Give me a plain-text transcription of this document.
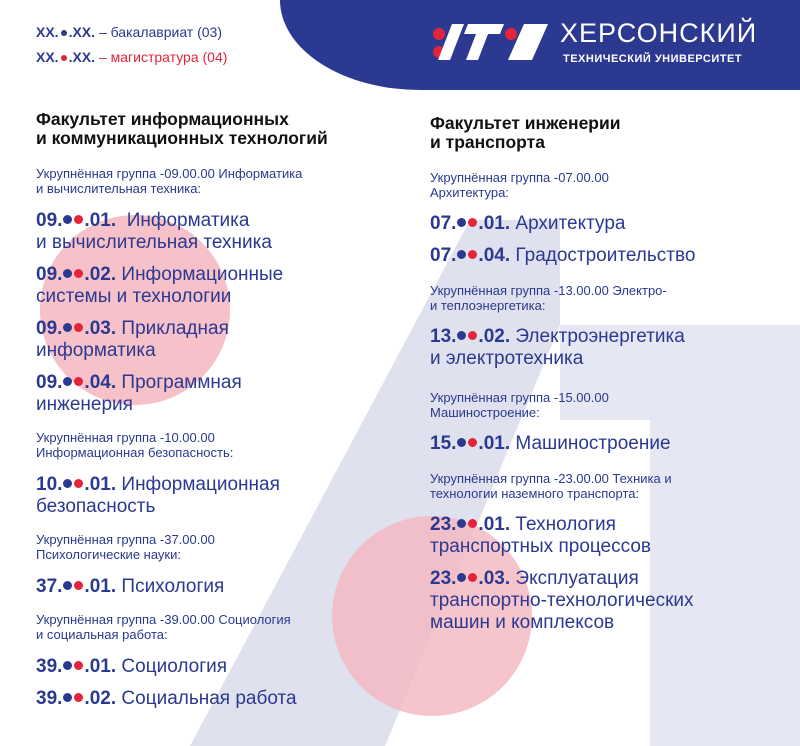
ХЕРСОНСКИЙ
ТЕХНИЧЕСКИЙ УНИВЕРСИТЕТ
ХХ. .ХХ. – бакалавриат (03)
ХХ. .ХХ. – магистратура (04)
Факультет информационных
и коммуникационных технологий
Укрупнённая группа -09.00.00 Информатика
и вычислительная техника:
09. .01. Информатика
и вычислительная техника
09. .02. Информационные
системы и технологии
09. .03. Прикладная
информатика
09. .04. Программная
инженерия
Укрупнённая группа -10.00.00
Информационная безопасность:
10. .01. Информационная
безопасность
Укрупнённая группа -37.00.00
Психологические науки:
37. .01. Психология
Укрупнённая группа -39.00.00 Социология
и социальная работа:
39. .01. Социология
39. .02. Социальная работа
Факультет инженерии
и транспорта
Укрупнённая группа -07.00.00
Архитектура:
07. .01. Архитектура
07. .04. Градостроительство
Укрупнённая группа -13.00.00 Электро-
и теплоэнергетика:
13. .02. Электроэнергетика
и электротехника
Укрупнённая группа -15.00.00
Машиностроение:
15. .01. Машиностроение
Укрупнённая группа -23.00.00 Техника и
технологии наземного транспорта:
23. .01. Технология
транспортных процессов
23. .03. Эксплуатация
транспортно-технологических
машин и комплексов
